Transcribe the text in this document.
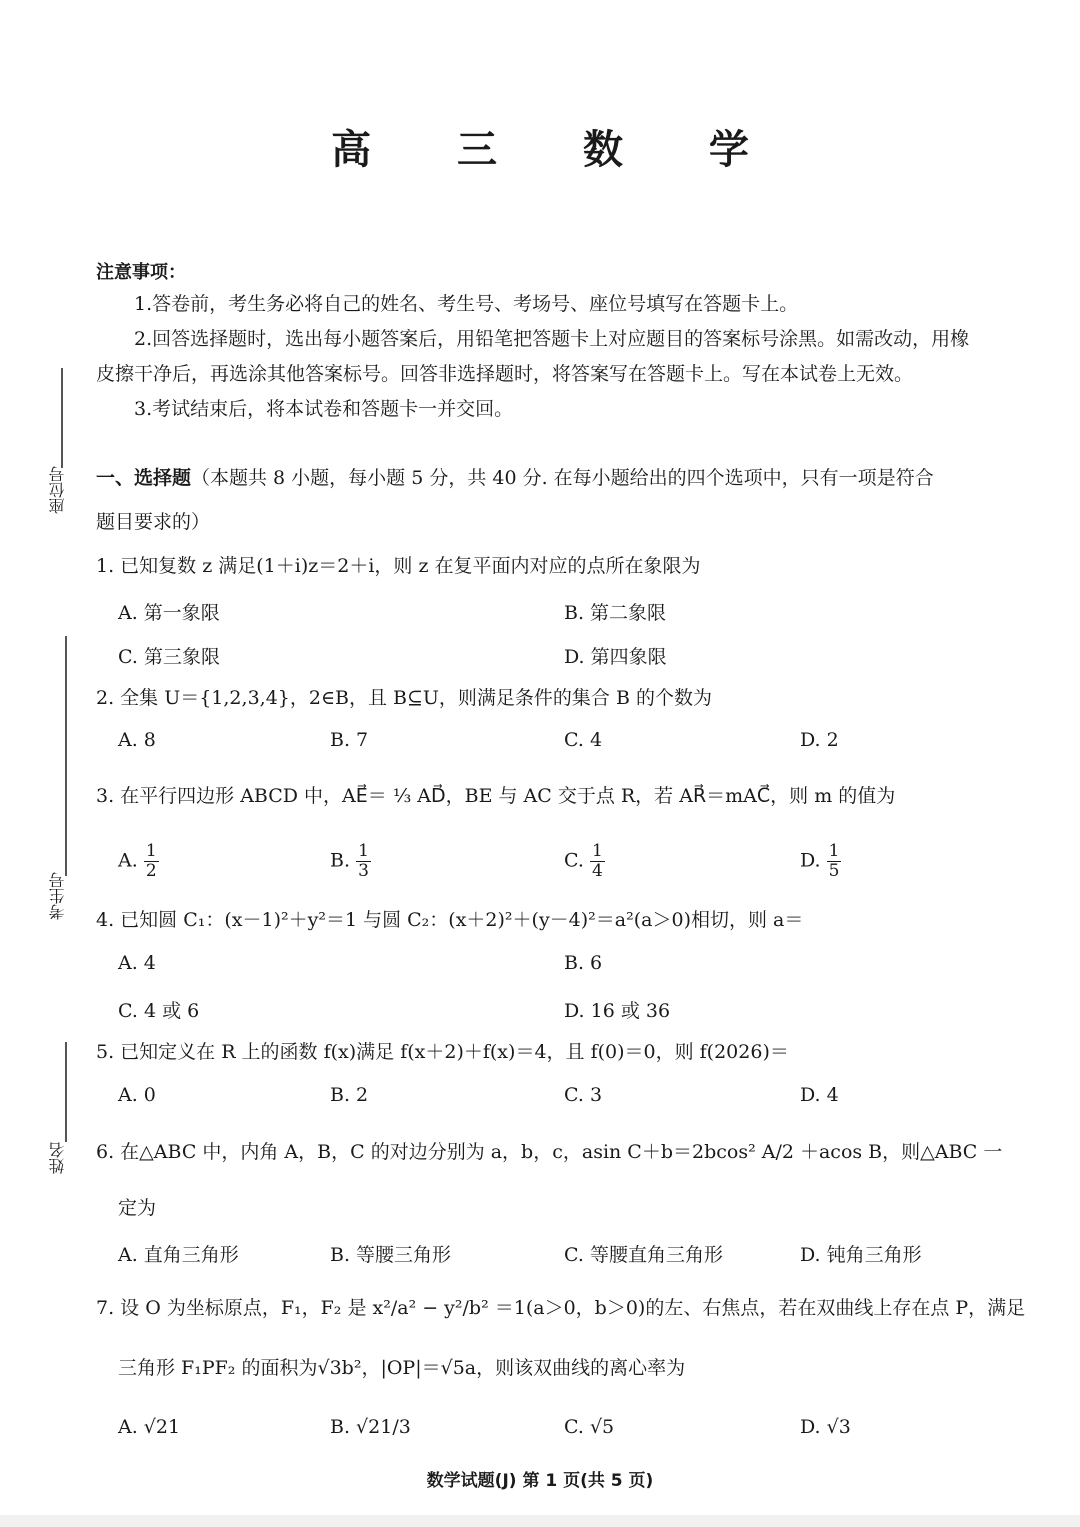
高 三 数 学
注意事项：
1.答卷前，考生务必将自己的姓名、考生号、考场号、座位号填写在答题卡上。
2.回答选择题时，选出每小题答案后，用铅笔把答题卡上对应题目的答案标号涂黑。如需改动，用橡
皮擦干净后，再选涂其他答案标号。回答非选择题时，将答案写在答题卡上。写在本试卷上无效。
3.考试结束后，将本试卷和答题卡一并交回。
一、选择题（本题共 8 小题，每小题 5 分，共 40 分. 在每小题给出的四个选项中，只有一项是符合
题目要求的）
1. 已知复数 z 满足(1＋i)z＝2＋i，则 z 在复平面内对应的点所在象限为
A. 第一象限	B. 第二象限
C. 第三象限	D. 第四象限
2. 全集 U＝{1,2,3,4}，2∈B，且 B⊆U，则满足条件的集合 B 的个数为
A. 8	B. 7	C. 4	D. 2
3. 在平行四边形 ABCD 中，AE⃗＝ ⅓ AD⃗，BE 与 AC 交于点 R，若 AR⃗＝mAC⃗，则 m 的值为
A. $\frac{1}{2}$	B. $\frac{1}{3}$	C. $\frac{1}{4}$	D. $\frac{1}{5}$
4. 已知圆 C₁：(x－1)²＋y²＝1 与圆 C₂：(x＋2)²＋(y－4)²＝a²(a＞0)相切，则 a＝
A. 4	B. 6
C. 4 或 6	D. 16 或 36
5. 已知定义在 R 上的函数 f(x)满足 f(x＋2)＋f(x)＝4，且 f(0)＝0，则 f(2026)＝
A. 0	B. 2	C. 3	D. 4
6. 在△ABC 中，内角 A，B，C 的对边分别为 a，b，c，asin C＋b＝2bcos² A/2 ＋acos B，则△ABC 一
定为
A. 直角三角形	B. 等腰三角形	C. 等腰直角三角形	D. 钝角三角形
7. 设 O 为坐标原点，F₁，F₂ 是 x²/a² − y²/b² ＝1(a＞0，b＞0)的左、右焦点，若在双曲线上存在点 P，满足
三角形 F₁PF₂ 的面积为√3b²，|OP|＝√5a，则该双曲线的离心率为
A. √21	B. √21/3	C. √5	D. √3
座位号
考生号
姓名
数学试题(J) 第 1 页(共 5 页)
